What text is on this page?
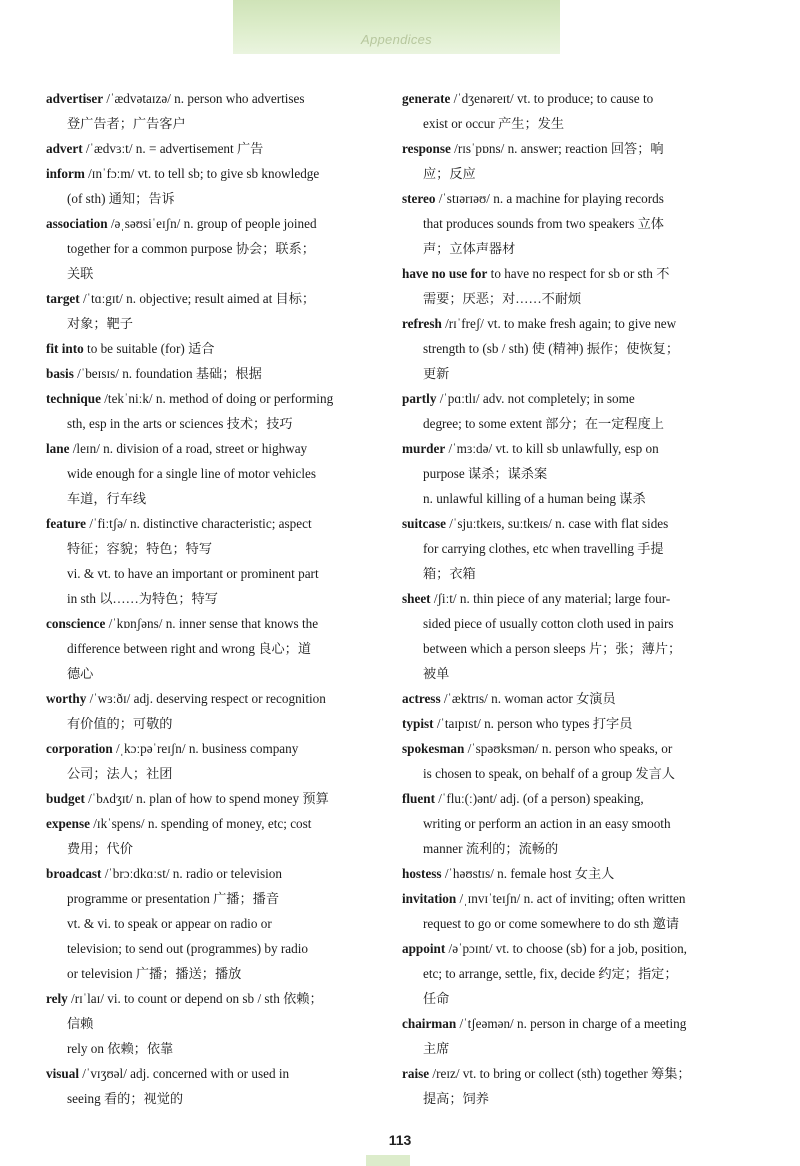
Appendices
advertiser /ˈædvətaɪzə/ n. person who advertises
登广告者；广告客户
advert /ˈædvɜːt/ n. = advertisement 广告
inform /ɪnˈfɔːm/ vt. to tell sb; to give sb knowledge
(of sth) 通知；告诉
association /əˌsəʊsiˈeɪʃn/ n. group of people joined
together for a common purpose 协会；联系；
关联
target /ˈtɑːgɪt/ n. objective; result aimed at 目标；
对象；靶子
fit into to be suitable (for) 适合
basis /ˈbeɪsɪs/ n. foundation 基础；根据
technique /tekˈniːk/ n. method of doing or performing
sth, esp in the arts or sciences 技术；技巧
lane /leɪn/ n. division of a road, street or highway
wide enough for a single line of motor vehicles
车道，行车线
feature /ˈfiːtʃə/ n. distinctive characteristic; aspect
特征；容貌；特色；特写
vi. & vt. to have an important or prominent part
in sth 以……为特色；特写
conscience /ˈkɒnʃəns/ n. inner sense that knows the
difference between right and wrong 良心；道
德心
worthy /ˈwɜːðɪ/ adj. deserving respect or recognition
有价值的；可敬的
corporation /ˌkɔːpəˈreɪʃn/ n. business company
公司；法人；社团
budget /ˈbʌdʒɪt/ n. plan of how to spend money 预算
expense /ɪkˈspens/ n. spending of money, etc; cost
费用；代价
broadcast /ˈbrɔːdkɑːst/ n. radio or television
programme or presentation 广播；播音
vt. & vi. to speak or appear on radio or
television; to send out (programmes) by radio
or television 广播；播送；播放
rely /rɪˈlaɪ/ vi. to count or depend on sb / sth 依赖；
信赖
rely on 依赖；依靠
visual /ˈvɪʒʊəl/ adj. concerned with or used in
seeing 看的；视觉的
generate /ˈdʒenəreɪt/ vt. to produce; to cause to
exist or occur 产生；发生
response /rɪsˈpɒns/ n. answer; reaction 回答；响
应；反应
stereo /ˈstɪərɪəʊ/ n. a machine for playing records
that produces sounds from two speakers 立体
声；立体声器材
have no use for to have no respect for sb or sth 不
需要；厌恶；对……不耐烦
refresh /rɪˈfreʃ/ vt. to make fresh again; to give new
strength to (sb / sth) 使 (精神) 振作；使恢复；
更新
partly /ˈpɑːtlɪ/ adv. not completely; in some
degree; to some extent 部分；在一定程度上
murder /ˈmɜːdə/ vt. to kill sb unlawfully, esp on
purpose 谋杀；谋杀案
n. unlawful killing of a human being 谋杀
suitcase /ˈsjuːtkeɪs, suːtkeɪs/ n. case with flat sides
for carrying clothes, etc when travelling 手提
箱；衣箱
sheet /ʃiːt/ n. thin piece of any material; large four-
sided piece of usually cotton cloth used in pairs
between which a person sleeps 片；张；薄片；
被单
actress /ˈæktrɪs/ n. woman actor 女演员
typist /ˈtaɪpɪst/ n. person who types 打字员
spokesman /ˈspəʊksmən/ n. person who speaks, or
is chosen to speak, on behalf of a group 发言人
fluent /ˈfluː(ː)ənt/ adj. (of a person) speaking,
writing or perform an action in an easy smooth
manner 流利的；流畅的
hostess /ˈhəʊstɪs/ n. female host 女主人
invitation /ˌɪnvɪˈteɪʃn/ n. act of inviting; often written
request to go or come somewhere to do sth 邀请
appoint /əˈpɔɪnt/ vt. to choose (sb) for a job, position,
etc; to arrange, settle, fix, decide 约定；指定；
任命
chairman /ˈtʃeəmən/ n. person in charge of a meeting
主席
raise /reɪz/ vt. to bring or collect (sth) together 筹集；
提高；饲养
113
